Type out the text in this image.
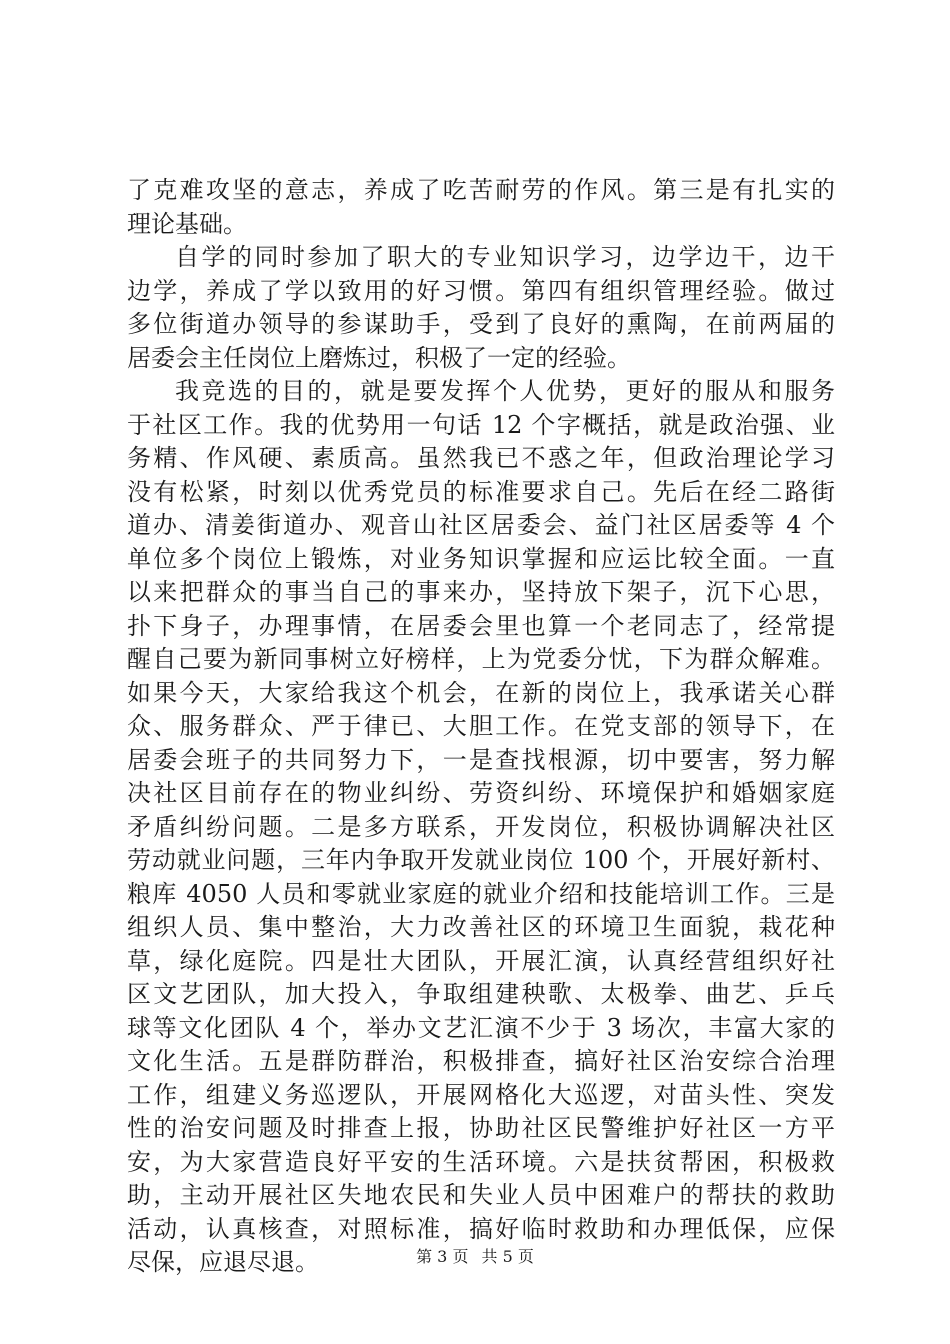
了克难攻坚的意志，养成了吃苦耐劳的作风。第三是有扎实的
理论基础。
自学的同时参加了职大的专业知识学习，边学边干，边干
边学，养成了学以致用的好习惯。第四有组织管理经验。做过
多位街道办领导的参谋助手，受到了良好的熏陶，在前两届的
居委会主任岗位上磨炼过，积极了一定的经验。
我竞选的目的，就是要发挥个人优势，更好的服从和服务
于社区工作。我的优势用一句话 12 个字概括，就是政治强、业
务精、作风硬、素质高。虽然我已不惑之年，但政治理论学习
没有松紧，时刻以优秀党员的标准要求自己。先后在经二路街
道办、清姜街道办、观音山社区居委会、益门社区居委等 4 个
单位多个岗位上锻炼，对业务知识掌握和应运比较全面。一直
以来把群众的事当自己的事来办，坚持放下架子，沉下心思，
扑下身子，办理事情，在居委会里也算一个老同志了，经常提
醒自己要为新同事树立好榜样，上为党委分忧，下为群众解难。
如果今天，大家给我这个机会，在新的岗位上，我承诺关心群
众、服务群众、严于律已、大胆工作。在党支部的领导下，在
居委会班子的共同努力下，一是查找根源，切中要害，努力解
决社区目前存在的物业纠纷、劳资纠纷、环境保护和婚姻家庭
矛盾纠纷问题。二是多方联系，开发岗位，积极协调解决社区
劳动就业问题，三年内争取开发就业岗位 100 个，开展好新村、
粮库 4050 人员和零就业家庭的就业介绍和技能培训工作。三是
组织人员、集中整治，大力改善社区的环境卫生面貌，栽花种
草，绿化庭院。四是壮大团队，开展汇演，认真经营组织好社
区文艺团队，加大投入，争取组建秧歌、太极拳、曲艺、乒乓
球等文化团队 4 个，举办文艺汇演不少于 3 场次，丰富大家的
文化生活。五是群防群治，积极排查，搞好社区治安综合治理
工作，组建义务巡逻队，开展网格化大巡逻，对苗头性、突发
性的治安问题及时排查上报，协助社区民警维护好社区一方平
安，为大家营造良好平安的生活环境。六是扶贫帮困，积极救
助，主动开展社区失地农民和失业人员中困难户的帮扶的救助
活动，认真核查，对照标准，搞好临时救助和办理低保，应保
尽保，应退尽退。	第 3 页 共 5 页
